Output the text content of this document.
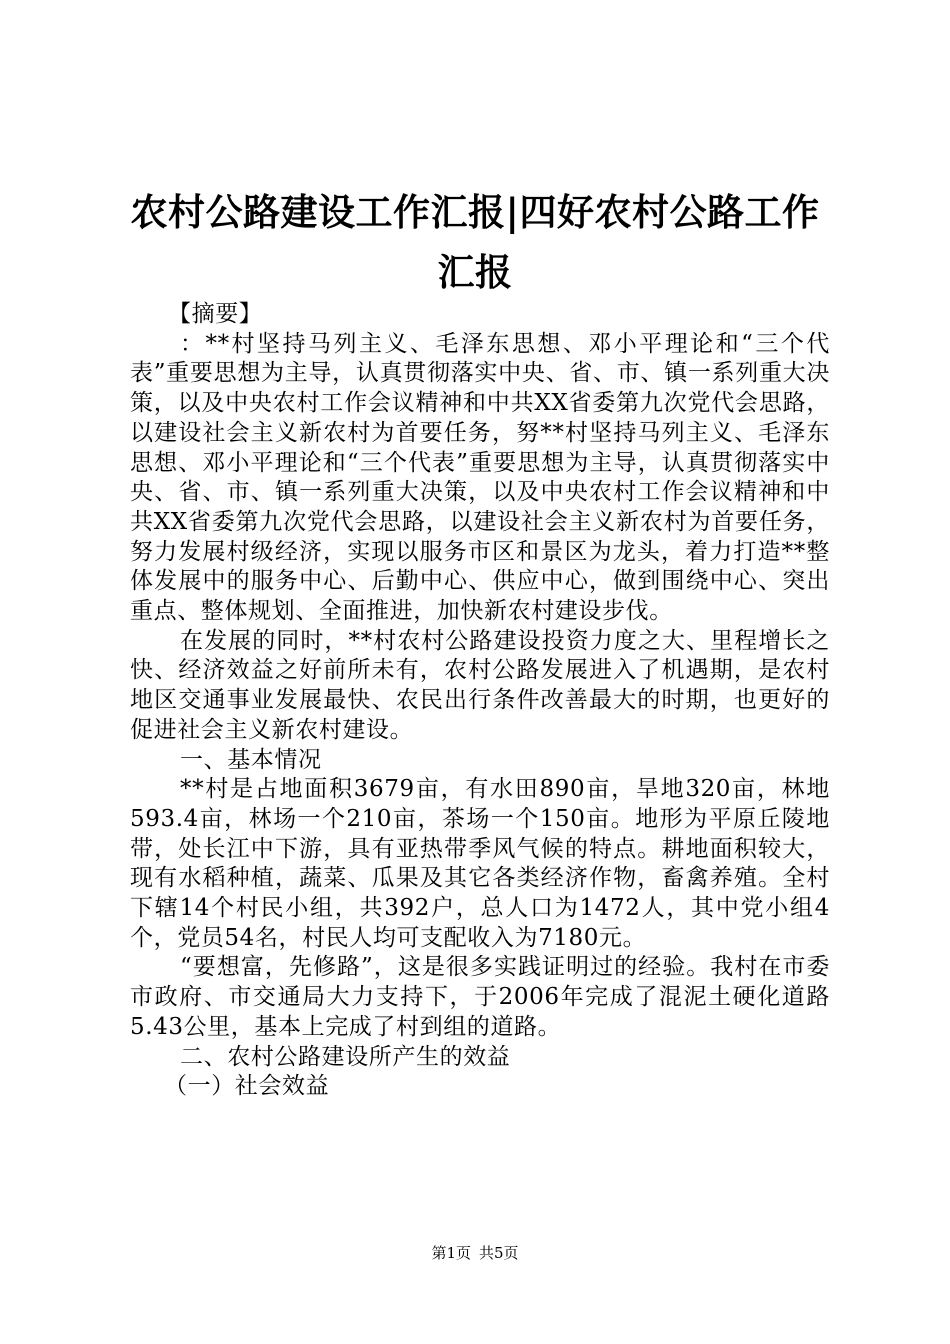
农村公路建设工作汇报|四好农村公路工作汇报

【摘要】

：**村坚持马列主义、毛泽东思想、邓小平理论和“三个代表”重要思想为主导，认真贯彻落实中央、省、市、镇一系列重大决策，以及中央农村工作会议精神和中共XX省委第九次党代会思路，以建设社会主义新农村为首要任务，努**村坚持马列主义、毛泽东思想、邓小平理论和“三个代表”重要思想为主导，认真贯彻落实中央、省、市、镇一系列重大决策，以及中央农村工作会议精神和中共XX省委第九次党代会思路，以建设社会主义新农村为首要任务，努力发展村级经济，实现以服务市区和景区为龙头，着力打造**整体发展中的服务中心、后勤中心、供应中心，做到围绕中心、突出重点、整体规划、全面推进，加快新农村建设步伐。

在发展的同时，**村农村公路建设投资力度之大、里程增长之快、经济效益之好前所未有，农村公路发展进入了机遇期，是农村地区交通事业发展最快、农民出行条件改善最大的时期，也更好的促进社会主义新农村建设。

一、基本情况

**村是占地面积3679亩，有水田890亩，旱地320亩，林地593.4亩，林场一个210亩，茶场一个150亩。地形为平原丘陵地带，处长江中下游，具有亚热带季风气候的特点。耕地面积较大，现有水稻种植，蔬菜、瓜果及其它各类经济作物，畜禽养殖。全村下辖14个村民小组，共392户，总人口为1472人，其中党小组4个，党员54名，村民人均可支配收入为7180元。

“要想富，先修路”，这是很多实践证明过的经验。我村在市委市政府、市交通局大力支持下，于2006年完成了混泥土硬化道路5.43公里，基本上完成了村到组的道路。

二、农村公路建设所产生的效益

（一）社会效益

第1页 共5页
